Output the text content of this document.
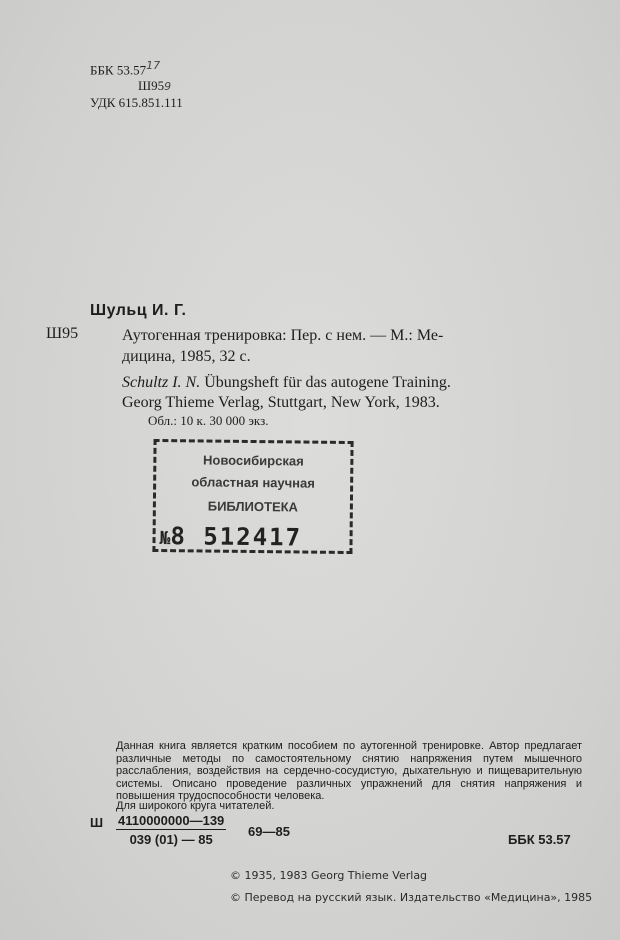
ББК 53.57$^{17}$
Ш959
УДК 615.851.111
Шульц И. Г.
Ш95	Аутогенная тренировка: Пер. с нем. — М.: Ме-
дицина, 1985, 32 с.
Schultz I. N. Übungsheft für das autogene Training.
Georg Thieme Verlag, Stuttgart, New York, 1983.
Обл.: 10 к. 30 000 экз.
Новосибирская
областная научная
БИБЛИОТЕКА
№8 512417

Данная книга является кратким пособием по аутогенной тренировке. Автор предлагает различные методы по самостоятельному снятию напряжения путем мышечного расслабления, воздействия на сердечно-сосудистую, дыхательную и пищеварительную системы. Описано проведение различных упражнений для снятия напряжения и повышения трудоспособности человека.

Для широкого круга читателей.
Ш $\frac{4110000000—139}{039 (01) — 85}$ 69—85
ББК 53.57
© 1935, 1983 Georg Thieme Verlag
© Перевод на русский язык. Издательство «Медицина», 1985
